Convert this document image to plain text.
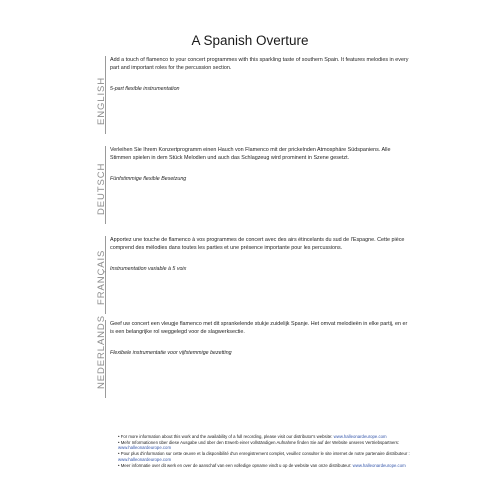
A Spanish Overture
ENGLISH

Add a touch of flamenco to your concert programmes with this sparkling taste of southern Spain. It features melodies in every part and important roles for the percussion section.

5-part flexible instrumentation

DEUTSCH

Verleihen Sie Ihrem Konzertprogramm einen Hauch von Flamenco mit der prickelnden Atmosphäre Südspaniens. Alle Stimmen spielen in dem Stück Melodien und auch das Schlagzeug wird prominent in Szene gesetzt.

Fünfstimmige flexible Besetzung

FRANÇAIS

Apportez une touche de flamenco à vos programmes de concert avec des airs étincelants du sud de l'Espagne. Cette pièce comprend des mélodies dans toutes les parties et une présence importante pour les percussions.

Instrumentation variable à 5 voix

NEDERLANDS Geef uw concert een vleugje flamenco met dit sprankelende stukje zuidelijk Spanje. Het omvat melodieën in elke partij, en er is een belangrijke rol weggelegd voor de slagwerksectie.

Flexibele instrumentatie voor vijfstemmige bezetting

• For more information about this work and the availability of a full recording, please visit our distributor's website: www.halleonardeurope.com

• Mehr Informationen über diese Ausgabe und über den Erwerb einer vollständigen Aufnahme finden Sie auf der Website unseres Vertriebspartners: www.halleonardeurope.com

• Pour plus d'information sur cette œuvre et la disponibilité d'un enregistrement complet, veuillez consulter le site internet de notre partenaire distributeur : www.halleonardeurope.com

• Meer informatie over dit werk en over de aanschaf van een volledige opname vindt u op de website van onze distributeur: www.halleonardeurope.com
